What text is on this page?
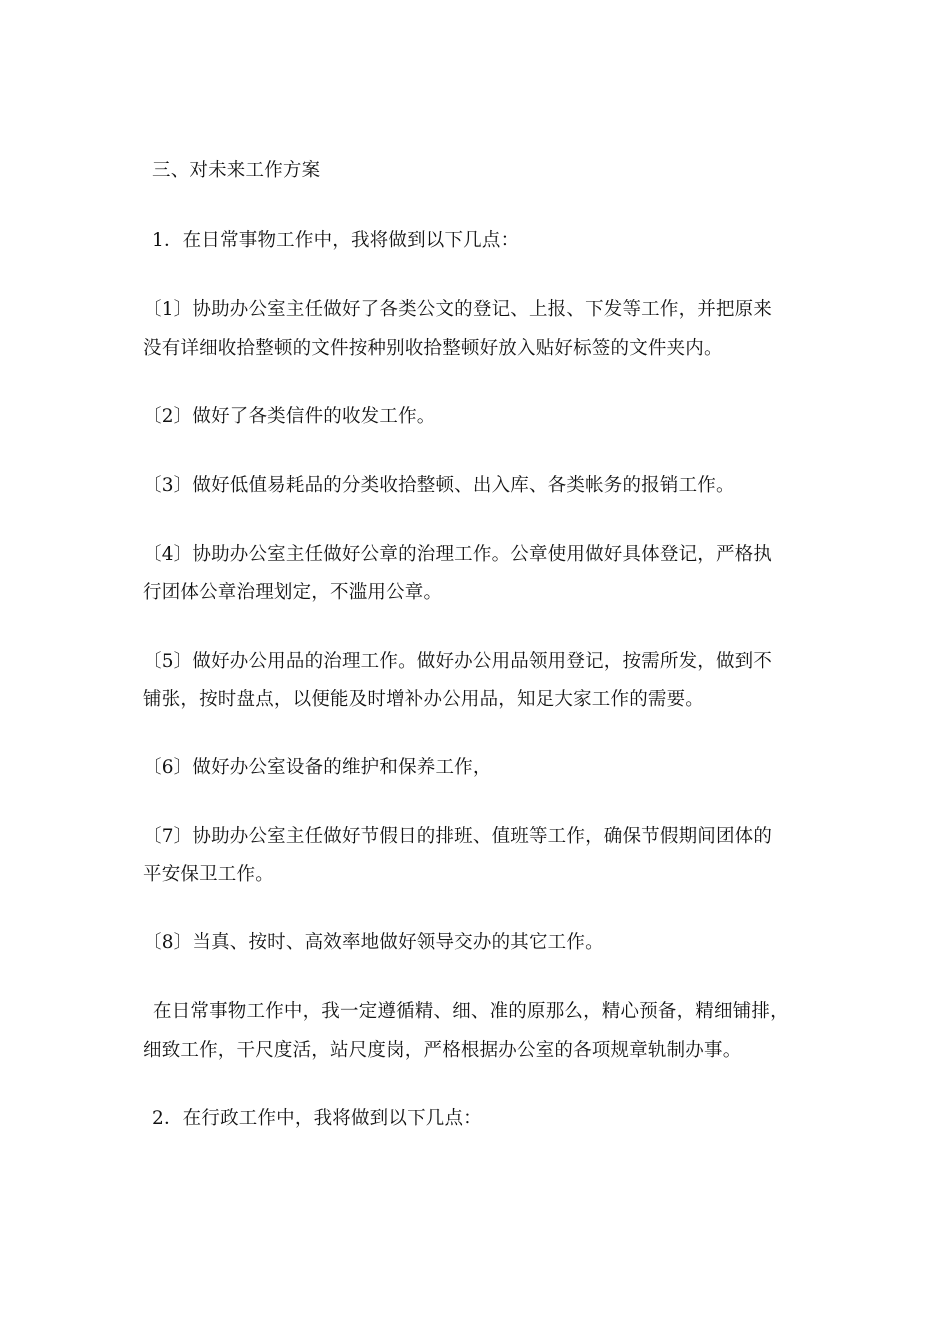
三、对未来工作方案
1．在日常事物工作中，我将做到以下几点：
〔1〕协助办公室主任做好了各类公文的登记、上报、下发等工作，并把原来
没有详细收拾整顿的文件按种别收拾整顿好放入贴好标签的文件夹内。
〔2〕做好了各类信件的收发工作。
〔3〕做好低值易耗品的分类收拾整顿、出入库、各类帐务的报销工作。
〔4〕协助办公室主任做好公章的治理工作。公章使用做好具体登记，严格执
行团体公章治理划定，不滥用公章。
〔5〕做好办公用品的治理工作。做好办公用品领用登记，按需所发，做到不
铺张，按时盘点，以便能及时增补办公用品，知足大家工作的需要。
〔6〕做好办公室设备的维护和保养工作，
〔7〕协助办公室主任做好节假日的排班、值班等工作，确保节假期间团体的
平安保卫工作。
〔8〕当真、按时、高效率地做好领导交办的其它工作。
在日常事物工作中，我一定遵循精、细、准的原那么，精心预备，精细铺排，
细致工作，干尺度活，站尺度岗，严格根据办公室的各项规章轨制办事。
2．在行政工作中，我将做到以下几点：
